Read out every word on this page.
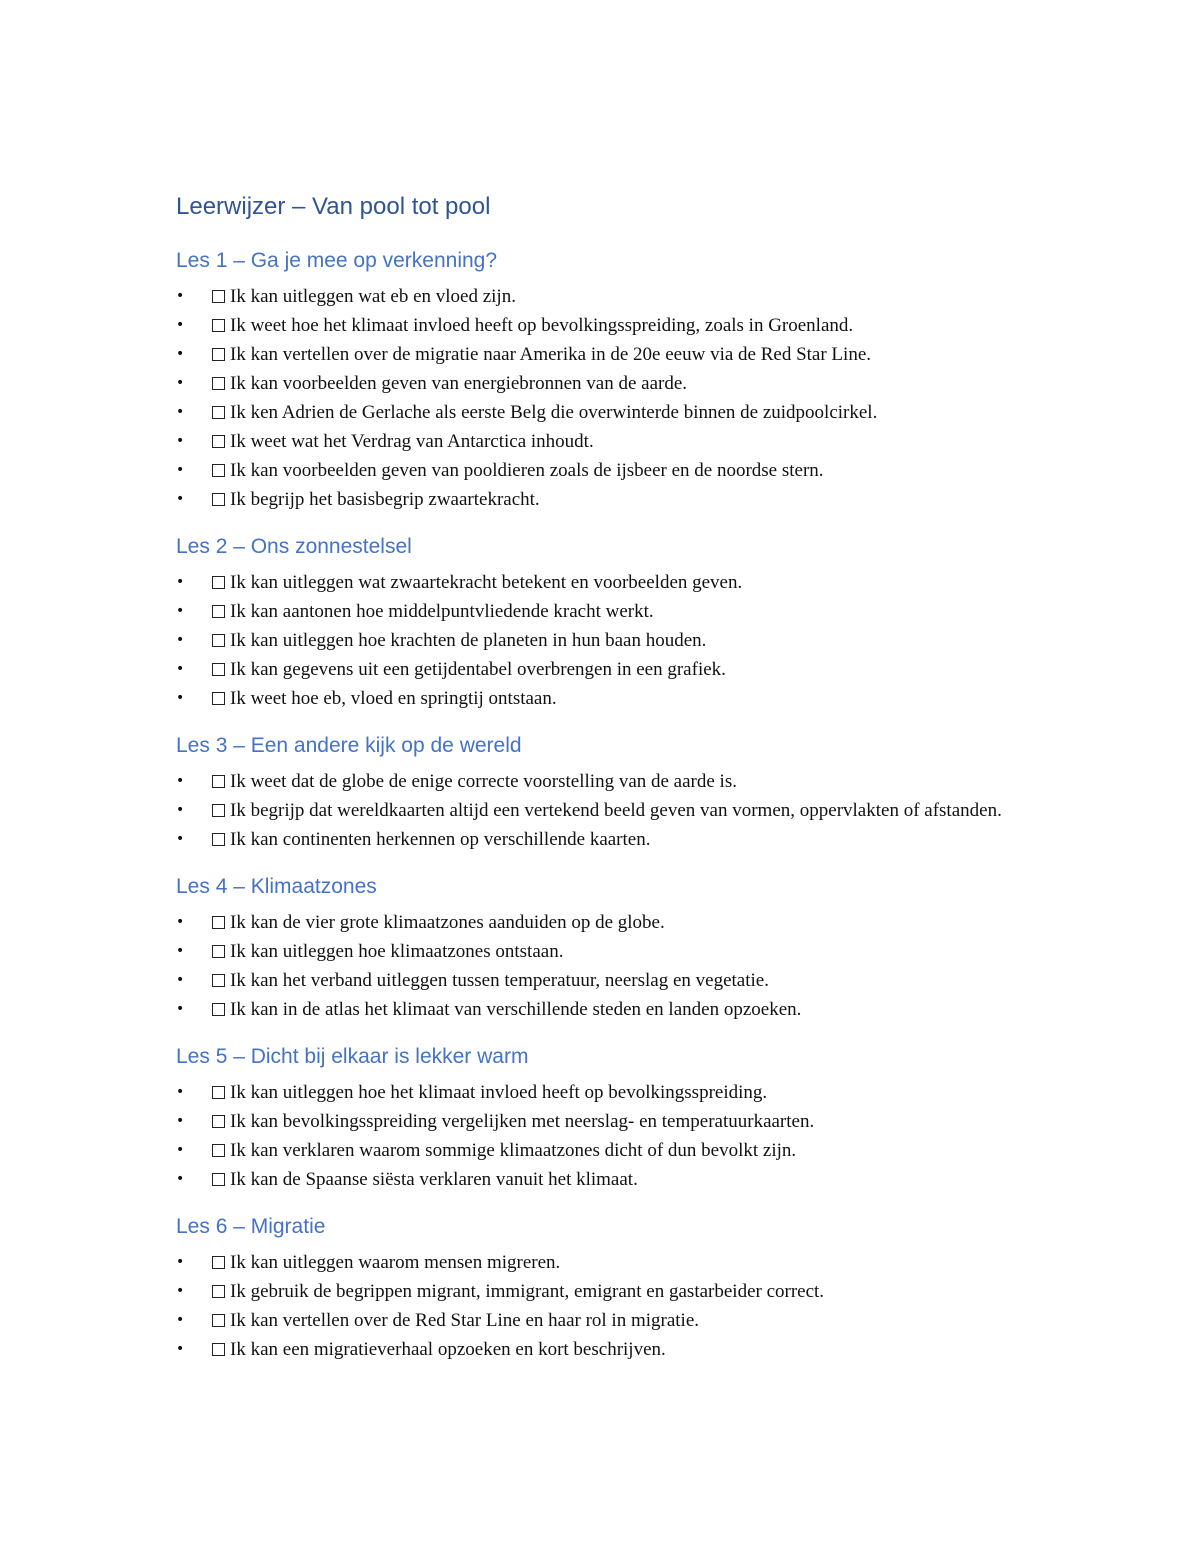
Leerwijzer – Van pool tot pool
Les 1 – Ga je mee op verkenning?
• Ik kan uitleggen wat eb en vloed zijn.
• Ik weet hoe het klimaat invloed heeft op bevolkingsspreiding, zoals in Groenland.
• Ik kan vertellen over de migratie naar Amerika in de 20e eeuw via de Red Star Line.
• Ik kan voorbeelden geven van energiebronnen van de aarde.
• Ik ken Adrien de Gerlache als eerste Belg die overwinterde binnen de zuidpoolcirkel.
• Ik weet wat het Verdrag van Antarctica inhoudt.
• Ik kan voorbeelden geven van pooldieren zoals de ijsbeer en de noordse stern.
• Ik begrijp het basisbegrip zwaartekracht.
Les 2 – Ons zonnestelsel
• Ik kan uitleggen wat zwaartekracht betekent en voorbeelden geven.
• Ik kan aantonen hoe middelpuntvliedende kracht werkt.
• Ik kan uitleggen hoe krachten de planeten in hun baan houden.
• Ik kan gegevens uit een getijdentabel overbrengen in een grafiek.
• Ik weet hoe eb, vloed en springtij ontstaan.
Les 3 – Een andere kijk op de wereld
• Ik weet dat de globe de enige correcte voorstelling van de aarde is.
• Ik begrijp dat wereldkaarten altijd een vertekend beeld geven van vormen, oppervlakten of afstanden.
• Ik kan continenten herkennen op verschillende kaarten.
Les 4 – Klimaatzones
• Ik kan de vier grote klimaatzones aanduiden op de globe.
• Ik kan uitleggen hoe klimaatzones ontstaan.
• Ik kan het verband uitleggen tussen temperatuur, neerslag en vegetatie.
• Ik kan in de atlas het klimaat van verschillende steden en landen opzoeken.
Les 5 – Dicht bij elkaar is lekker warm
• Ik kan uitleggen hoe het klimaat invloed heeft op bevolkingsspreiding.
• Ik kan bevolkingsspreiding vergelijken met neerslag- en temperatuurkaarten.
• Ik kan verklaren waarom sommige klimaatzones dicht of dun bevolkt zijn.
• Ik kan de Spaanse siësta verklaren vanuit het klimaat.
Les 6 – Migratie
• Ik kan uitleggen waarom mensen migreren.
• Ik gebruik de begrippen migrant, immigrant, emigrant en gastarbeider correct.
• Ik kan vertellen over de Red Star Line en haar rol in migratie.
• Ik kan een migratieverhaal opzoeken en kort beschrijven.
